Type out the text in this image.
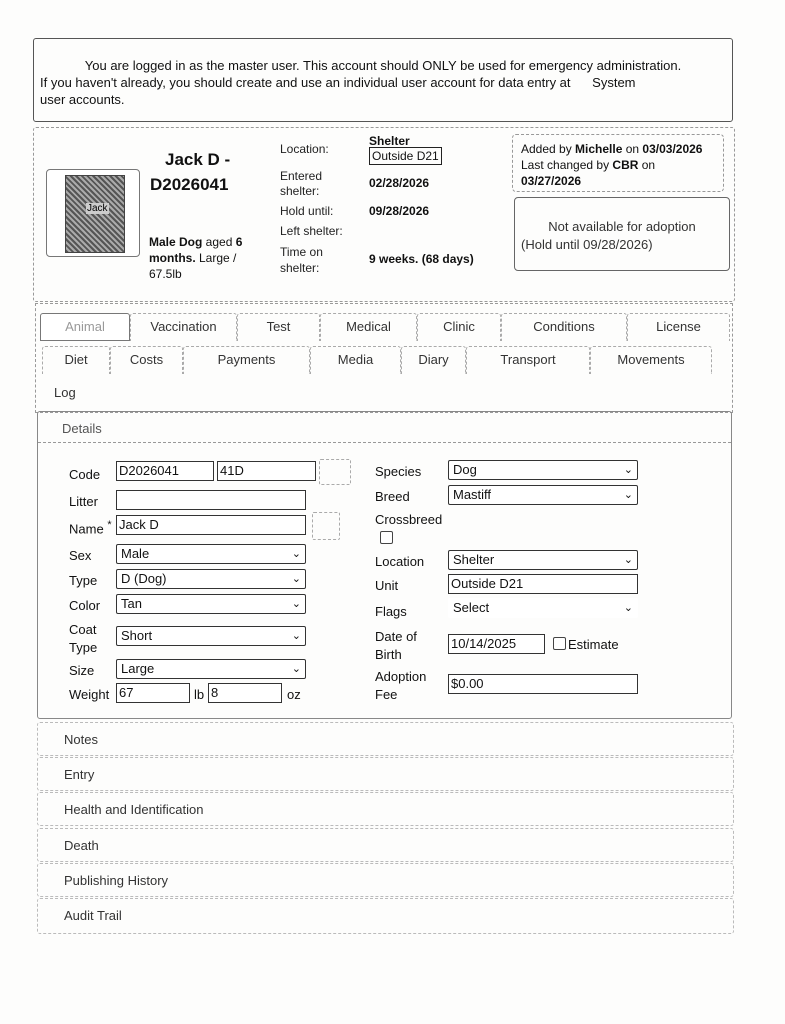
You are logged in as the master user. This account should ONLY be used for emergency administration.
If you haven't already, you should create and use an individual user account for data entry at System
user accounts.
Jack
Jack D -
D2026041
Male Dog aged 6 months. Large / 67.5lb
Location:
Shelter
Outside D21
Entered shelter:
02/28/2026
Hold until:	09/28/2026
Left shelter:
Time on shelter:
9 weeks. (68 days)
Added by Michelle on 03/03/2026
Last changed by CBR on
03/27/2026
Not available for adoption
(Hold until 09/28/2026)
Animal	Vaccination	Test	Medical	Clinic	Conditions	License
Diet	Costs	Payments	Media	Diary	Transport	Movements
Log
Details
Code D2026041	41D
Litter
Name * Jack D
Sex	Male	⌄
Type	D (Dog)	⌄
Color	Tan	⌄
Coat Type
Short	⌄
Size	Large	⌄
Weight 67	lb 8	oz
Species	Dog	⌄
Breed	Mastiff	⌄
Crossbreed
Location	Shelter	⌄
Unit	Outside D21
Flags	Select	⌄
Date of Birth
10/14/2025	Estimate
Adoption Fee
$0.00
Notes
Entry
Health and Identification
Death
Publishing History
Audit Trail
